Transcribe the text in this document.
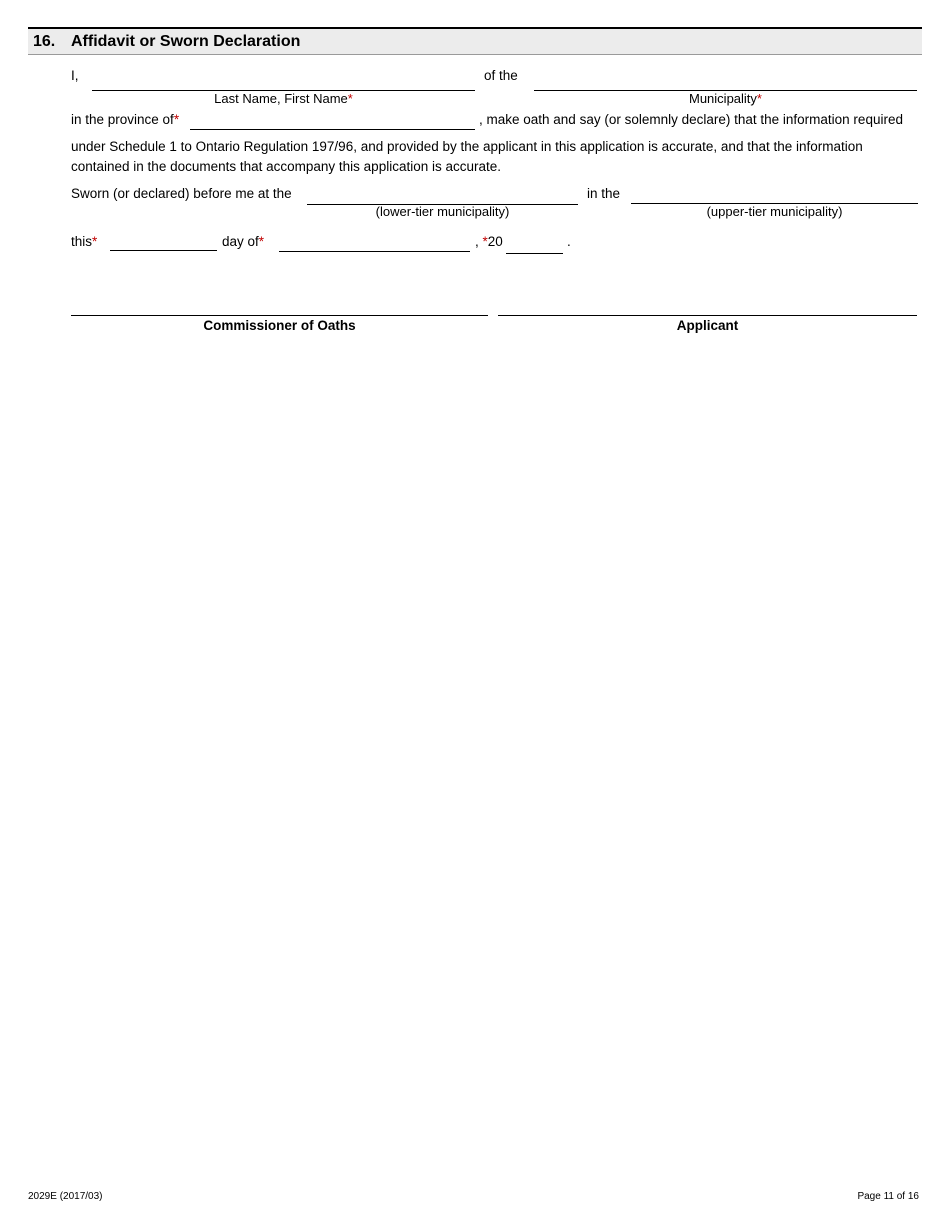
16. Affidavit or Sworn Declaration
I,	of the
Last Name, First Name*	Municipality*
in the province of*	, make oath and say (or solemnly declare) that the information required
under Schedule 1 to Ontario Regulation 197/96, and provided by the applicant in this application is accurate, and that the information
contained in the documents that accompany this application is accurate.
Sworn (or declared) before me at the	in the
(lower-tier municipality)	(upper-tier municipality)
this*	day of*	, *20	.
Commissioner of Oaths	Applicant
2029E (2017/03)	Page 11 of 16
